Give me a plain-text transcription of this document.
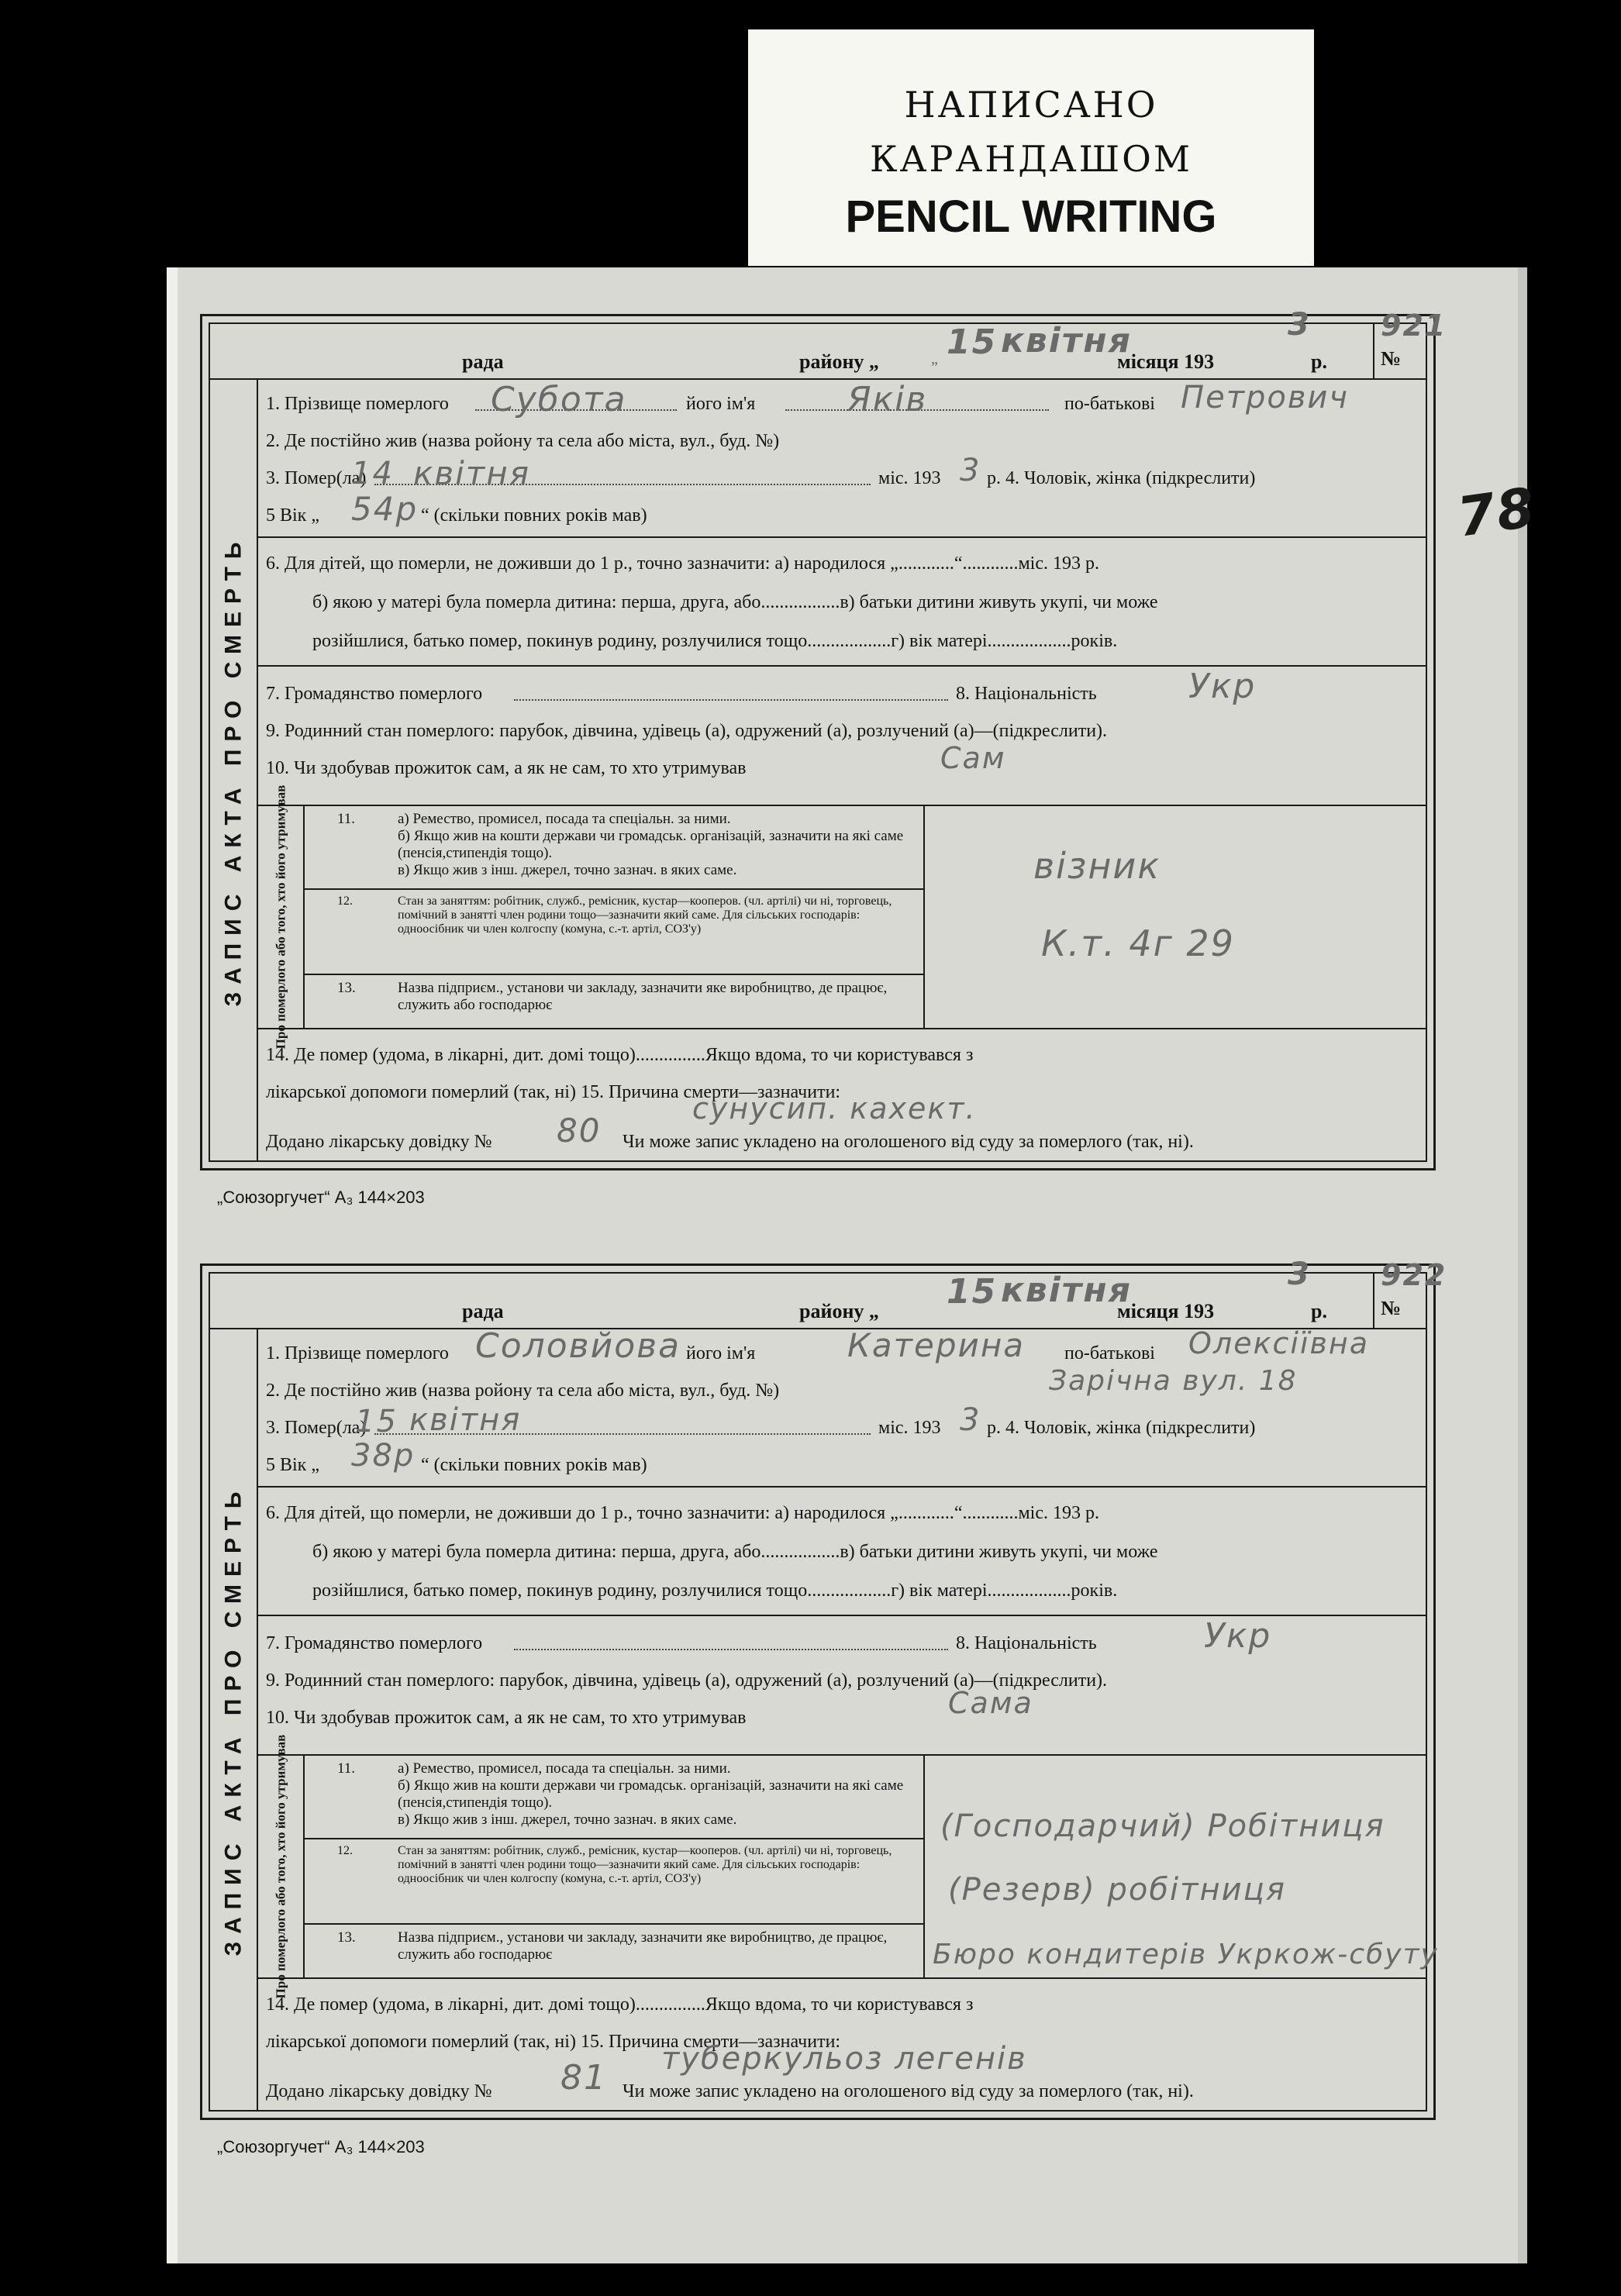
НАПИСАНО
КАРАНДАШОМ
PENCIL WRITING
78
рада	району „	„	місяця 193	р.	№
15 квітня	3 921
ЗАПИС АКТА ПРО СМЕРТЬ
1. Прізвище померлого	його ім'я	по-батькові
Субота	Яків	Петрович
2. Де постійно жив (назва ройону та села або міста, вул., буд. №)
3. Помер(ла)	міс. 193 р. 4. Чоловік, жінка (підкреслити)
14 квітня	3
5 Вік „	“ (скільки повних років мав)
54р
6. Для дітей, що померли, не доживши до 1 р., точно зазначити: а) народилося „............“............міс. 193 р.
б) якою у матері була померла дитина: перша, друга, або.................в) батьки дитини живуть укупі, чи може
розійшлися, батько помер, покинув родину, розлучилися тощо..................г) вік матері..................років.
7. Громадянство померлого	8. Національність	Укр
9. Родинний стан померлого: парубок, дівчина, удівець (а), одружений (а), розлучений (а)—(підкреслити).
10. Чи здобував прожиток сам, а як не сам, то хто утримував	Сам
Про померлого або того, хто його утримував	11.	а) Ремество, промисел, посада та спеціальн. за ними.
б) Якщо жив на кошти держави чи громадськ. організацій, зазначити на які саме (пенсія,стипендія тощо).
в) Якщо жив з інш. джерел, точно зазнач. в яких саме.
12.	Стан за заняттям: робітник, служб., ремісник, кустар—кооперов. (чл. артілі) чи ні, торговець, помічний в занятті член родини тощо—зазначити який саме. Для сільських господарів: одноосібник чи член колгоспу (комуна, с.-т. артіл, СОЗ'у)
13.	Назва підприєм., установи чи закладу, зазначити яке виробництво, де працює, служить або господарює
візник
К.т. 4г 29
14. Де помер (удома, в лікарні, дит. домі тощо)...............Якщо вдома, то чи користувався з
лікарської допомоги померлий (так, ні) 15. Причина смерти—зазначити:
cyнусип. кахект.
Додано лікарську довідку №	Чи може запис укладено на оголошеного від суду за померлого (так, ні).
80
„Союзоргучет“ А₃ 144×203
рада	району „	місяця 193	р.	№
15 квітня	3 922
ЗАПИС АКТА ПРО СМЕРТЬ
1. Прізвище померлого	його ім'я	по-батькові
Соловйова	Катерина	Олексіївна
2. Де постійно жив (назва ройону та села або міста, вул., буд. №)	Зарічна вул. 18
3. Помер(ла)	міс. 193 р. 4. Чоловік, жінка (підкреслити)
15 квітня	3
5 Вік „	“ (скільки повних років мав)
38р
6. Для дітей, що померли, не доживши до 1 р., точно зазначити: а) народилося „............“............міс. 193 р.
б) якою у матері була померла дитина: перша, друга, або.................в) батьки дитини живуть укупі, чи може
розійшлися, батько помер, покинув родину, розлучилися тощо..................г) вік матері..................років.
7. Громадянство померлого	8. Національність	Укр
9. Родинний стан померлого: парубок, дівчина, удівець (а), одружений (а), розлучений (а)—(підкреслити).
10. Чи здобував прожиток сам, а як не сам, то хто утримував	Сама
Про померлого або того, хто його утримував	11.	а) Ремество, промисел, посада та спеціальн. за ними.
б) Якщо жив на кошти держави чи громадськ. організацій, зазначити на які саме (пенсія,стипендія тощо).
в) Якщо жив з інш. джерел, точно зазнач. в яких саме.
12.	Стан за заняттям: робітник, служб., ремісник, кустар—кооперов. (чл. артілі) чи ні, торговець, помічний в занятті член родини тощо—зазначити який саме. Для сільських господарів: одноосібник чи член колгоспу (комуна, с.-т. артіл, СОЗ'у)
13.	Назва підприєм., установи чи закладу, зазначити яке виробництво, де працює, служить або господарює
(Господарчий) Робітниця
(Резерв) робітниця
Бюро кондитерів Укркож-сбуту
14. Де помер (удома, в лікарні, дит. домі тощо)...............Якщо вдома, то чи користувався з
лікарської допомоги померлий (так, ні) 15. Причина смерти—зазначити:
туберкульоз легенів
Додано лікарську довідку №	Чи може запис укладено на оголошеного від суду за померлого (так, ні).
81
„Союзоргучет“ А₃ 144×203
